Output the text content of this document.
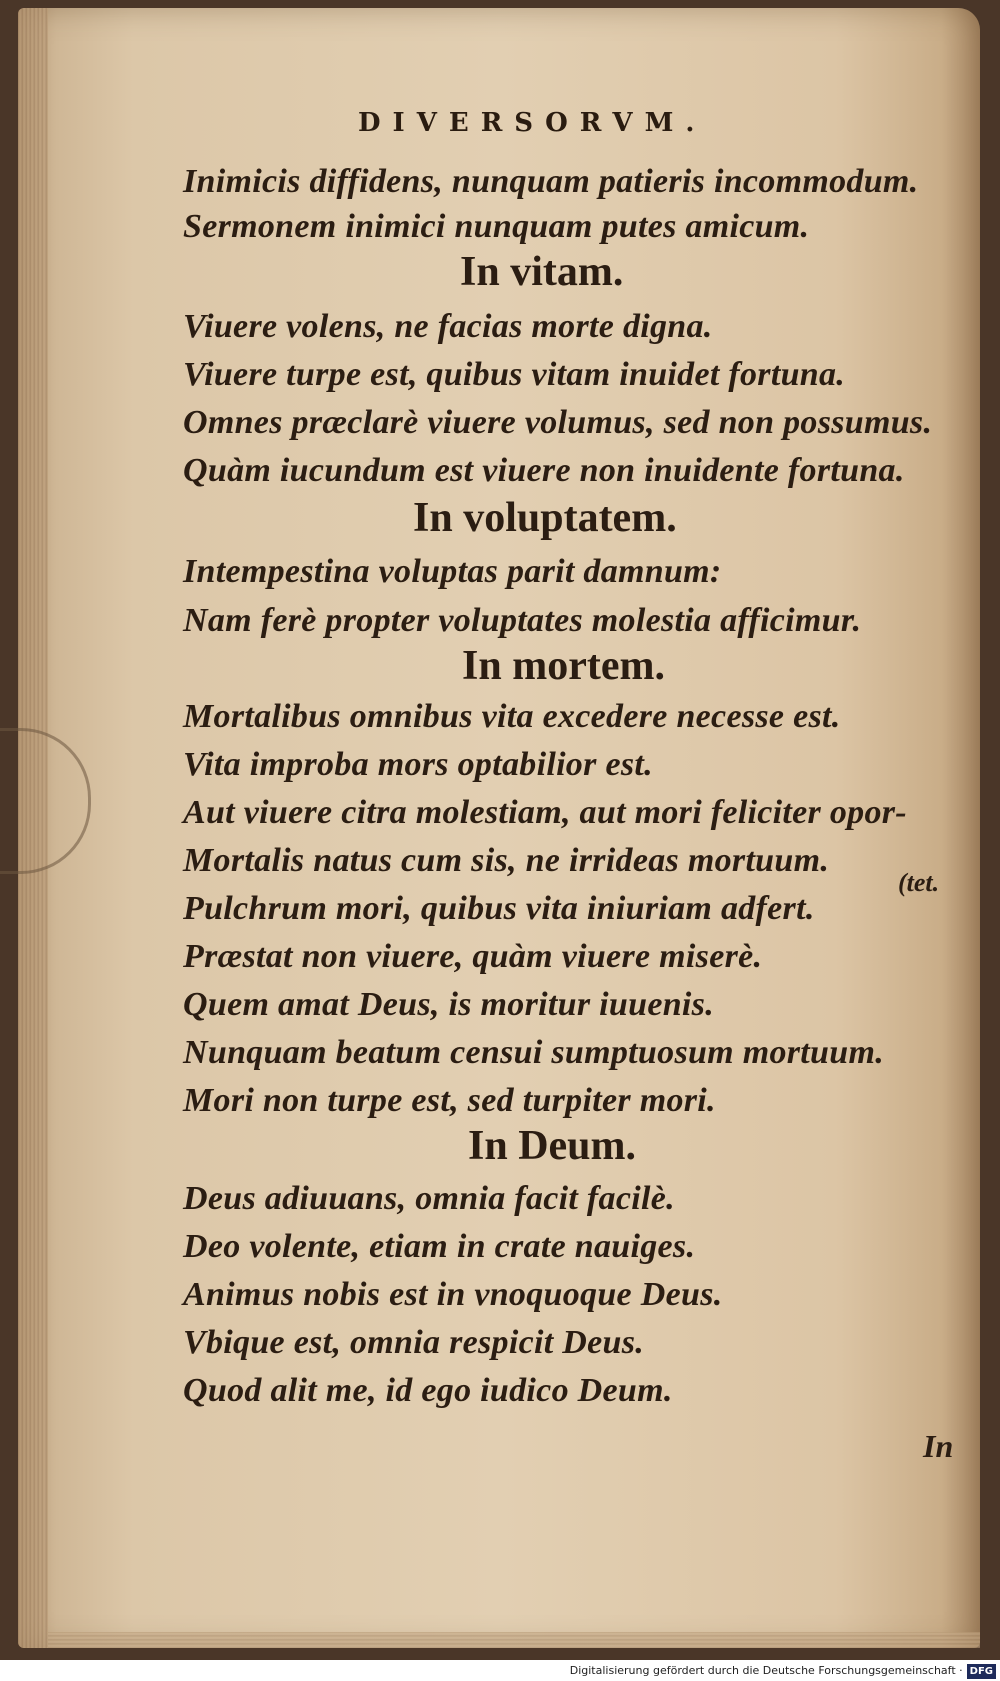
DIVERSORVM.
Inimicis diffidens, nunquam patieris incommodum.
Sermonem inimici nunquam putes amicum.
In vitam.
Viuere volens, ne facias morte digna.
Viuere turpe est, quibus vitam inuidet fortuna.
Omnes præclarè viuere volumus, sed non possumus.
Quàm iucundum est viuere non inuidente fortuna.
In voluptatem.
Intempestina voluptas parit damnum:
Nam ferè propter voluptates molestia afficimur.
In mortem.
Mortalibus omnibus vita excedere necesse est.
Vita improba mors optabilior est.
Aut viuere citra molestiam, aut mori feliciter opor-
Mortalis natus cum sis, ne irrideas mortuum.
(tet.
Pulchrum mori, quibus vita iniuriam adfert.
Præstat non viuere, quàm viuere miserè.
Quem amat Deus, is moritur iuuenis.
Nunquam beatum censui sumptuosum mortuum.
Mori non turpe est, sed turpiter mori.
In Deum.
Deus adiuuans, omnia facit facilè.
Deo volente, etiam in crate nauiges.
Animus nobis est in vnoquoque Deus.
Vbique est, omnia respicit Deus.
Quod alit me, id ego iudico Deum.
In
Digitalisierung gefördert durch die Deutsche Forschungsgemeinschaft · DFG
